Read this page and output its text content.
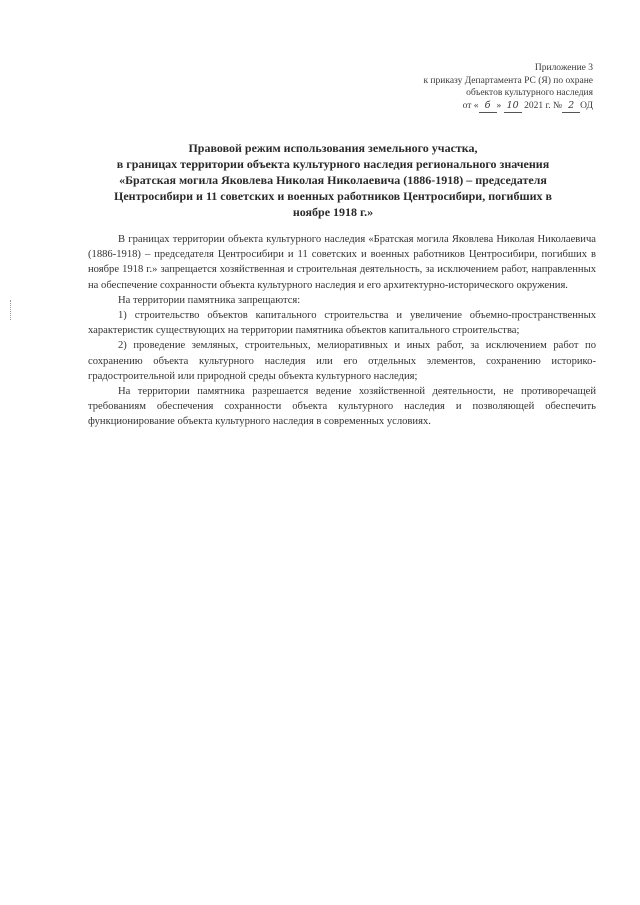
Приложение 3
к приказу Департамента РС (Я) по охране
объектов культурного наследия
от « б » 10 2021 г. № 2 ОД
Правовой режим использования земельного участка,
в границах территории объекта культурного наследия регионального значения
«Братская могила Яковлева Николая Николаевича (1886-1918) – председателя
Центросибири и 11 советских и военных работников Центросибири, погибших в
ноябре 1918 г.»

В границах территории объекта культурного наследия «Братская могила Яковлева Николая Николаевича (1886-1918) – председателя Центросибири и 11 советских и военных работников Центросибири, погибших в ноябре 1918 г.» запрещается хозяйственная и строительная деятельность, за исключением работ, направленных на обеспечение сохранности объекта культурного наследия и его архитектурно-исторического окружения.

На территории памятника запрещаются:

1) строительство объектов капитального строительства и увеличение объемно-пространственных характеристик существующих на территории памятника объектов капитального строительства;

2) проведение земляных, строительных, мелиоративных и иных работ, за исключением работ по сохранению объекта культурного наследия или его отдельных элементов, сохранению историко-градостроительной или природной среды объекта культурного наследия;

На территории памятника разрешается ведение хозяйственной деятельности, не противоречащей требованиям обеспечения сохранности объекта культурного наследия и позволяющей обеспечить функционирование объекта культурного наследия в современных условиях.
